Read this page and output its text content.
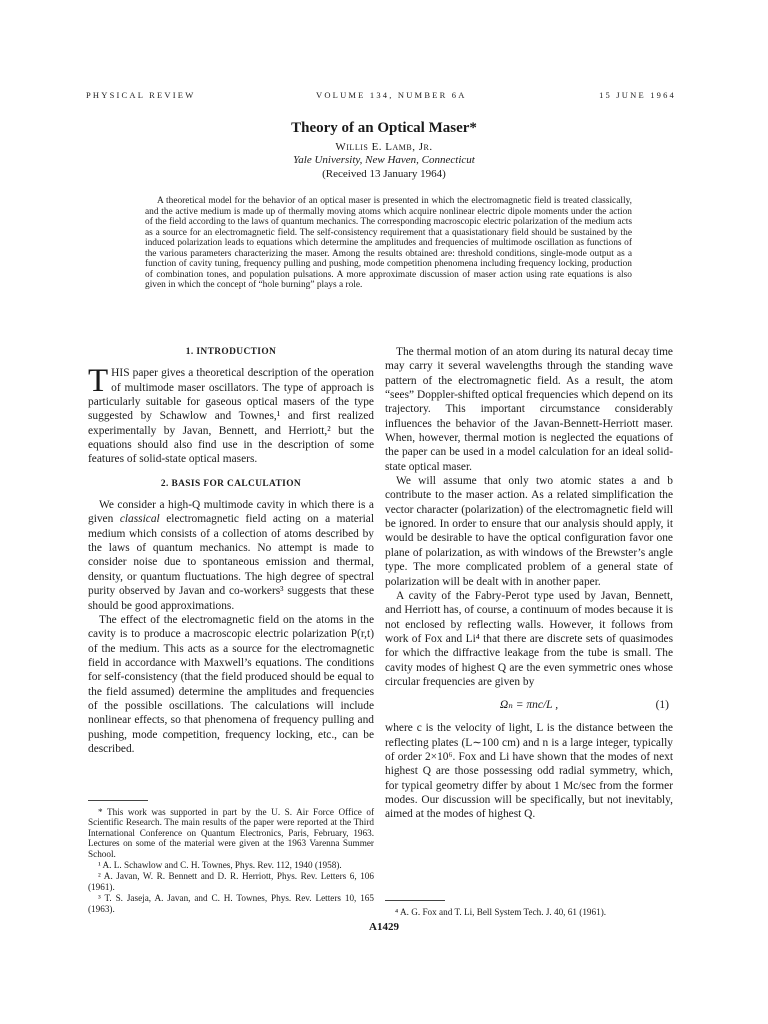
PHYSICAL REVIEW	VOLUME 134, NUMBER 6A	15 JUNE 1964
Theory of an Optical Maser*
Willis E. Lamb, Jr.
Yale University, New Haven, Connecticut
(Received 13 January 1964)
A theoretical model for the behavior of an optical maser is presented in which the electromagnetic field is treated classically, and the active medium is made up of thermally moving atoms which acquire nonlinear electric dipole moments under the action of the field according to the laws of quantum mechanics. The corresponding macroscopic electric polarization of the medium acts as a source for an electromagnetic field. The self-consistency requirement that a quasistationary field should be sustained by the induced polarization leads to equations which determine the amplitudes and frequencies of multimode oscillation as functions of the various parameters characterizing the maser. Among the results obtained are: threshold conditions, single-mode output as a function of cavity tuning, frequency pulling and pushing, mode competition phenomena including frequency locking, production of combination tones, and population pulsations. A more approximate discussion of maser action using rate equations is also given in which the concept of “hole burning” plays a role.
1. INTRODUCTION

THIS paper gives a theoretical description of the operation of multimode maser oscillators. The type of approach is particularly suitable for gaseous optical masers of the type suggested by Schawlow and Townes,¹ and first realized experimentally by Javan, Bennett, and Herriott,² but the equations should also find use in the description of some features of solid-state optical masers.

2. BASIS FOR CALCULATION

We consider a high-Q multimode cavity in which there is a given classical electromagnetic field acting on a material medium which consists of a collection of atoms described by the laws of quantum mechanics. No attempt is made to consider noise due to spontaneous emission and thermal, density, or quantum fluctuations. The high degree of spectral purity observed by Javan and co-workers³ suggests that these should be good approximations.

The effect of the electromagnetic field on the atoms in the cavity is to produce a macroscopic electric polarization P(r,t) of the medium. This acts as a source for the electromagnetic field in accordance with Maxwell’s equations. The conditions for self-consistency (that the field produced should be equal to the field assumed) determine the amplitudes and frequencies of the possible oscillations. The calculations will include nonlinear effects, so that phenomena of frequency pulling and pushing, mode competition, frequency locking, etc., can be described.

The thermal motion of an atom during its natural decay time may carry it several wavelengths through the standing wave pattern of the electromagnetic field. As a result, the atom “sees” Doppler-shifted optical frequencies which depend on its trajectory. This important circumstance considerably influences the behavior of the Javan-Bennett-Herriott maser. When, however, thermal motion is neglected the equations of the paper can be used in a model calculation for an ideal solid-state optical maser.

We will assume that only two atomic states a and b contribute to the maser action. As a related simplification the vector character (polarization) of the electromagnetic field will be ignored. In order to ensure that our analysis should apply, it would be desirable to have the optical configuration favor one plane of polarization, as with windows of the Brewster’s angle type. The more complicated problem of a general state of polarization will be dealt with in another paper.

A cavity of the Fabry-Perot type used by Javan, Bennett, and Herriott has, of course, a continuum of modes because it is not enclosed by reflecting walls. However, it follows from work of Fox and Li⁴ that there are discrete sets of quasimodes for which the diffractive leakage from the tube is small. The cavity modes of highest Q are the even symmetric ones whose circular frequencies are given by

Ωₙ = πnc/L ,	(1)

where c is the velocity of light, L is the distance between the reflecting plates (L∼100 cm) and n is a large integer, typically of order 2×10⁶. Fox and Li have shown that the modes of next highest Q are those possessing odd radial symmetry, which, for typical geometry differ by about 1 Mc/sec from the former modes. Our discussion will be specifically, but not inevitably, aimed at the modes of highest Q.

* This work was supported in part by the U. S. Air Force Office of Scientific Research. The main results of the paper were reported at the Third International Conference on Quantum Electronics, Paris, February, 1963. Lectures on some of the material were given at the 1963 Varenna Summer School.

¹ A. L. Schawlow and C. H. Townes, Phys. Rev. 112, 1940 (1958).

² A. Javan, W. R. Bennett and D. R. Herriott, Phys. Rev. Letters 6, 106 (1961).

³ T. S. Jaseja, A. Javan, and C. H. Townes, Phys. Rev. Letters 10, 165 (1963).	⁴ A. G. Fox and T. Li, Bell System Tech. J. 40, 61 (1961).

A1429
